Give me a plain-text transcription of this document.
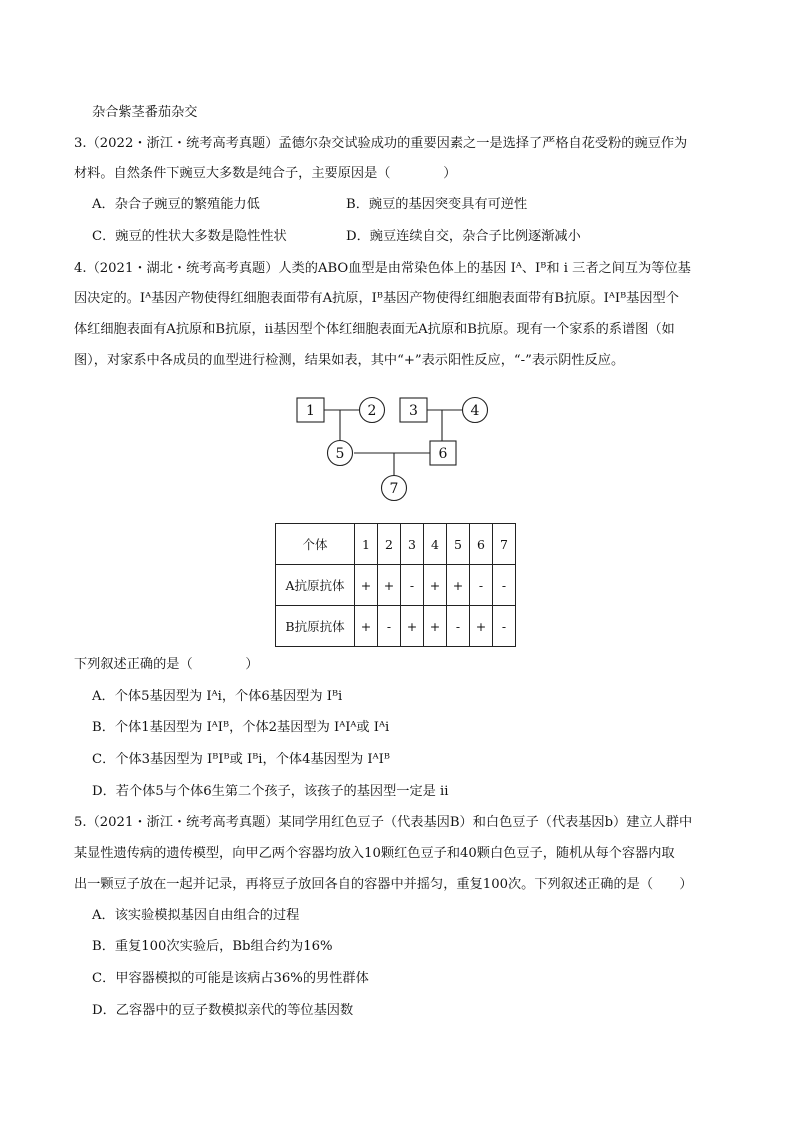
杂合紫茎番茄杂交
3.（2022・浙江・统考高考真题）孟德尔杂交试验成功的重要因素之一是选择了严格自花受粉的豌豆作为
材料。自然条件下豌豆大多数是纯合子，主要原因是（　　　　）
A．杂合子豌豆的繁殖能力低	B．豌豆的基因突变具有可逆性
C．豌豆的性状大多数是隐性性状	D．豌豆连续自交，杂合子比例逐渐减小
4.（2021・湖北・统考高考真题）人类的ABO血型是由常染色体上的基因 Iᴬ、Iᴮ和 i 三者之间互为等位基
因决定的。Iᴬ基因产物使得红细胞表面带有A抗原，Iᴮ基因产物使得红细胞表面带有B抗原。IᴬIᴮ基因型个
体红细胞表面有A抗原和B抗原，ii基因型个体红细胞表面无A抗原和B抗原。现有一个家系的系谱图（如
图），对家系中各成员的血型进行检测，结果如表，其中“+”表示阳性反应，“-”表示阴性反应。
1	2 3	4
5	6
7
个体	1	2	3	4	5	6	7
A抗原抗体	+	+	-	+	+	-	-
B抗原抗体	+	-	+	+	-	+	-
下列叙述正确的是（　　　　）
A．个体5基因型为 Iᴬi，个体6基因型为 Iᴮi
B．个体1基因型为 IᴬIᴮ，个体2基因型为 IᴬIᴬ或 Iᴬi
C．个体3基因型为 IᴮIᴮ或 Iᴮi，个体4基因型为 IᴬIᴮ
D．若个体5与个体6生第二个孩子，该孩子的基因型一定是 ii
5.（2021・浙江・统考高考真题）某同学用红色豆子（代表基因B）和白色豆子（代表基因b）建立人群中
某显性遗传病的遗传模型，向甲乙两个容器均放入10颗红色豆子和40颗白色豆子，随机从每个容器内取
出一颗豆子放在一起并记录，再将豆子放回各自的容器中并摇匀，重复100次。下列叙述正确的是（　　）
A．该实验模拟基因自由组合的过程
B．重复100次实验后，Bb组合约为16%
C．甲容器模拟的可能是该病占36%的男性群体
D．乙容器中的豆子数模拟亲代的等位基因数
